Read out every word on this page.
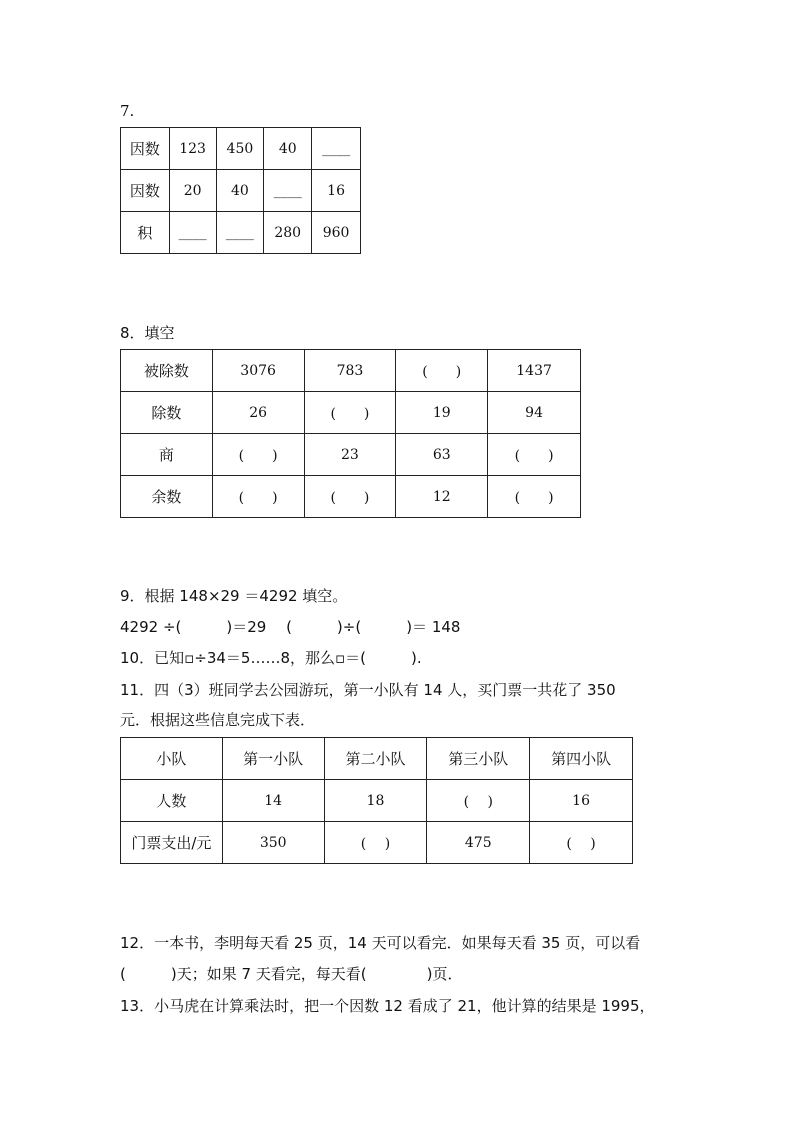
7.
因数	123	450	40	____
因数	20	40	____	16
积	____	____	280	960
8．填空
被除数	3076	783	(　　)	1437
除数	26	(　　)	19	94
商	(　　)	23	63	(　　)
余数	(　　)	(　　)	12	(　　)
9．根据 148×29 ＝4292 填空。
4292 ÷(　　　)＝29　 (　　　)÷(　　　)＝ 148
10．已知▫÷34＝5……8，那么▫＝(　　　).
11．四（3）班同学去公园游玩，第一小队有 14 人，买门票一共花了 350
元．根据这些信息完成下表．
小队	第一小队	第二小队	第三小队	第四小队
人数	14	18	(　 )	16
门票支出/元	350	(　 )	475	(　 )
12．一本书，李明每天看 25 页，14 天可以看完．如果每天看 35 页，可以看
(　　　)天；如果 7 天看完，每天看(　　　　)页．
13．小马虎在计算乘法时，把一个因数 12 看成了 21，他计算的结果是 1995，
